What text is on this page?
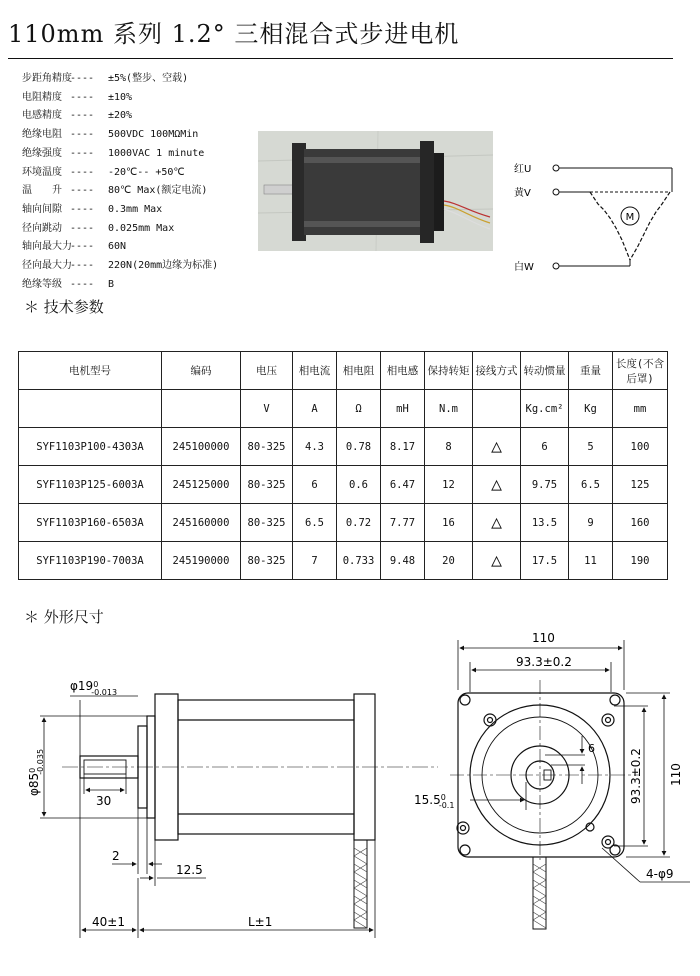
110mm 系列 1.2° 三相混合式步进电机
步距角精度---- ±5%(整步、空载)
电阻精度 ---- ±10%
电感精度 ---- ±20%
绝缘电阻 ---- 500VDC 100MΩMin
绝缘强度 ---- 1000VAC 1 minute
环境温度 ---- -20℃-- +50℃
温　　升 ---- 80℃ Max(额定电流)
轴向间隙 ---- 0.3mm Max
径向跳动 ---- 0.025mm Max
轴向最大力---- 60N
径向最大力---- 220N(20mm边缘为标准)
绝缘等级 ---- B
红U
黄V
白W
M
＊ 技术参数
电机型号	编码	电压	相电流	相电阻	相电感	保持转矩	接线方式	转动惯量	重量	长度(不含后罩)
		V	A	Ω	mH	N.m		Kg.cm²	Kg	mm
SYF1103P100-4303A	245100000	80-325	4.3	0.78	8.17	8	△	6	5	100
SYF1103P125-6003A	245125000	80-325	6	0.6	6.47	12	△	9.75	6.5	125
SYF1103P160-6503A	245160000	80-325	6.5	0.72	7.77	16	△	13.5	9	160
SYF1103P190-7003A	245190000	80-325	7	0.733	9.48	20	△	17.5	11	190
＊ 外形尺寸
$\varphi 19^0$ -0.013
$\varphi 85^0-0.035$
30
2
12.5
40±1	L±1
110
93.3±0.2
110
93.3±0.2
6
15.5$^0$ -0.1
4-φ9
